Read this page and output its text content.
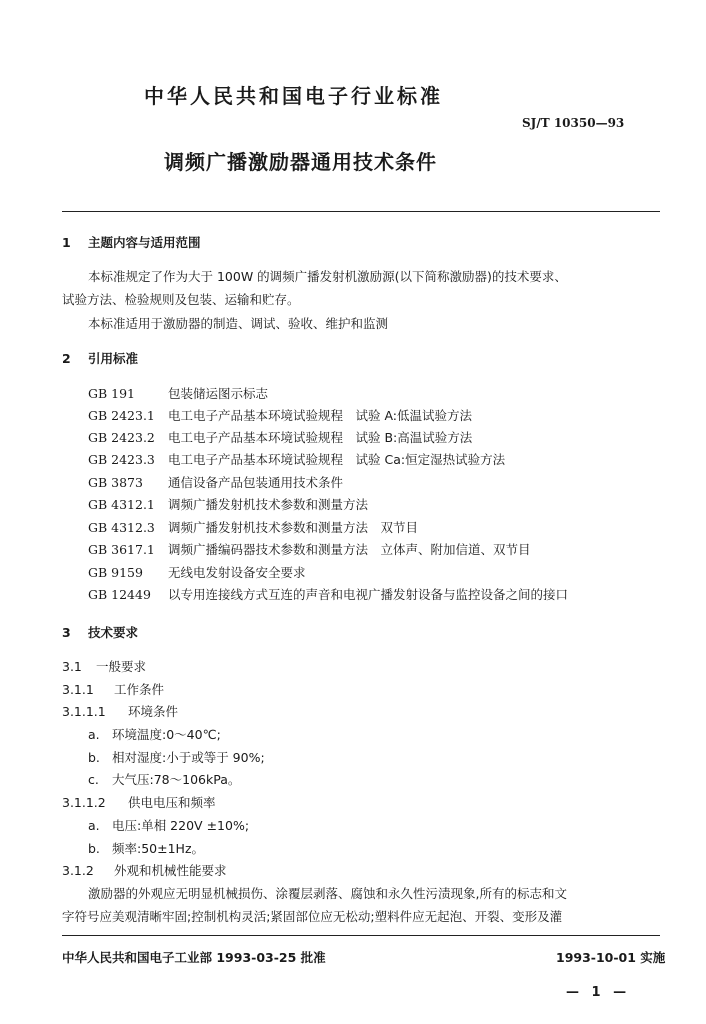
中华人民共和国电子行业标准
SJ/T 10350—93
调频广播激励器通用技术条件
1 主题内容与适用范围
本标准规定了作为大于 100W 的调频广播发射机激励源(以下简称激励器)的技术要求、
试验方法、检验规则及包装、运输和贮存。
本标准适用于激励器的制造、调试、验收、维护和监测
2 引用标准
GB 191	包装储运图示标志
GB 2423.1 电工电子产品基本环境试验规程　试验 A:低温试验方法
GB 2423.2 电工电子产品基本环境试验规程　试验 B:高温试验方法
GB 2423.3 电工电子产品基本环境试验规程　试验 Ca:恒定湿热试验方法
GB 3873 通信设备产品包装通用技术条件
GB 4312.1 调频广播发射机技术参数和测量方法
GB 4312.3 调频广播发射机技术参数和测量方法　双节目
GB 3617.1 调频广播编码器技术参数和测量方法　立体声、附加信道、双节目
GB 9159 无线电发射设备安全要求
GB 12449 以专用连接线方式互连的声音和电视广播发射设备与监控设备之间的接口
3 技术要求
3.1 一般要求
3.1.1 工作条件
3.1.1.1 环境条件
a. 环境温度:0～40℃;
b. 相对湿度:小于或等于 90%;
c. 大气压:78～106kPa。
3.1.1.2 供电电压和频率
a. 电压:单相 220V ±10%;
b. 频率:50±1Hz。
3.1.2 外观和机械性能要求
激励器的外观应无明显机械损伤、涂覆层剥落、腐蚀和永久性污渍现象,所有的标志和文
字符号应美观清晰牢固;控制机构灵活;紧固部位应无松动;塑料件应无起泡、开裂、变形及灌
中华人民共和国电子工业部 1993-03-25 批准	1993-10-01 实施
— 1 —
